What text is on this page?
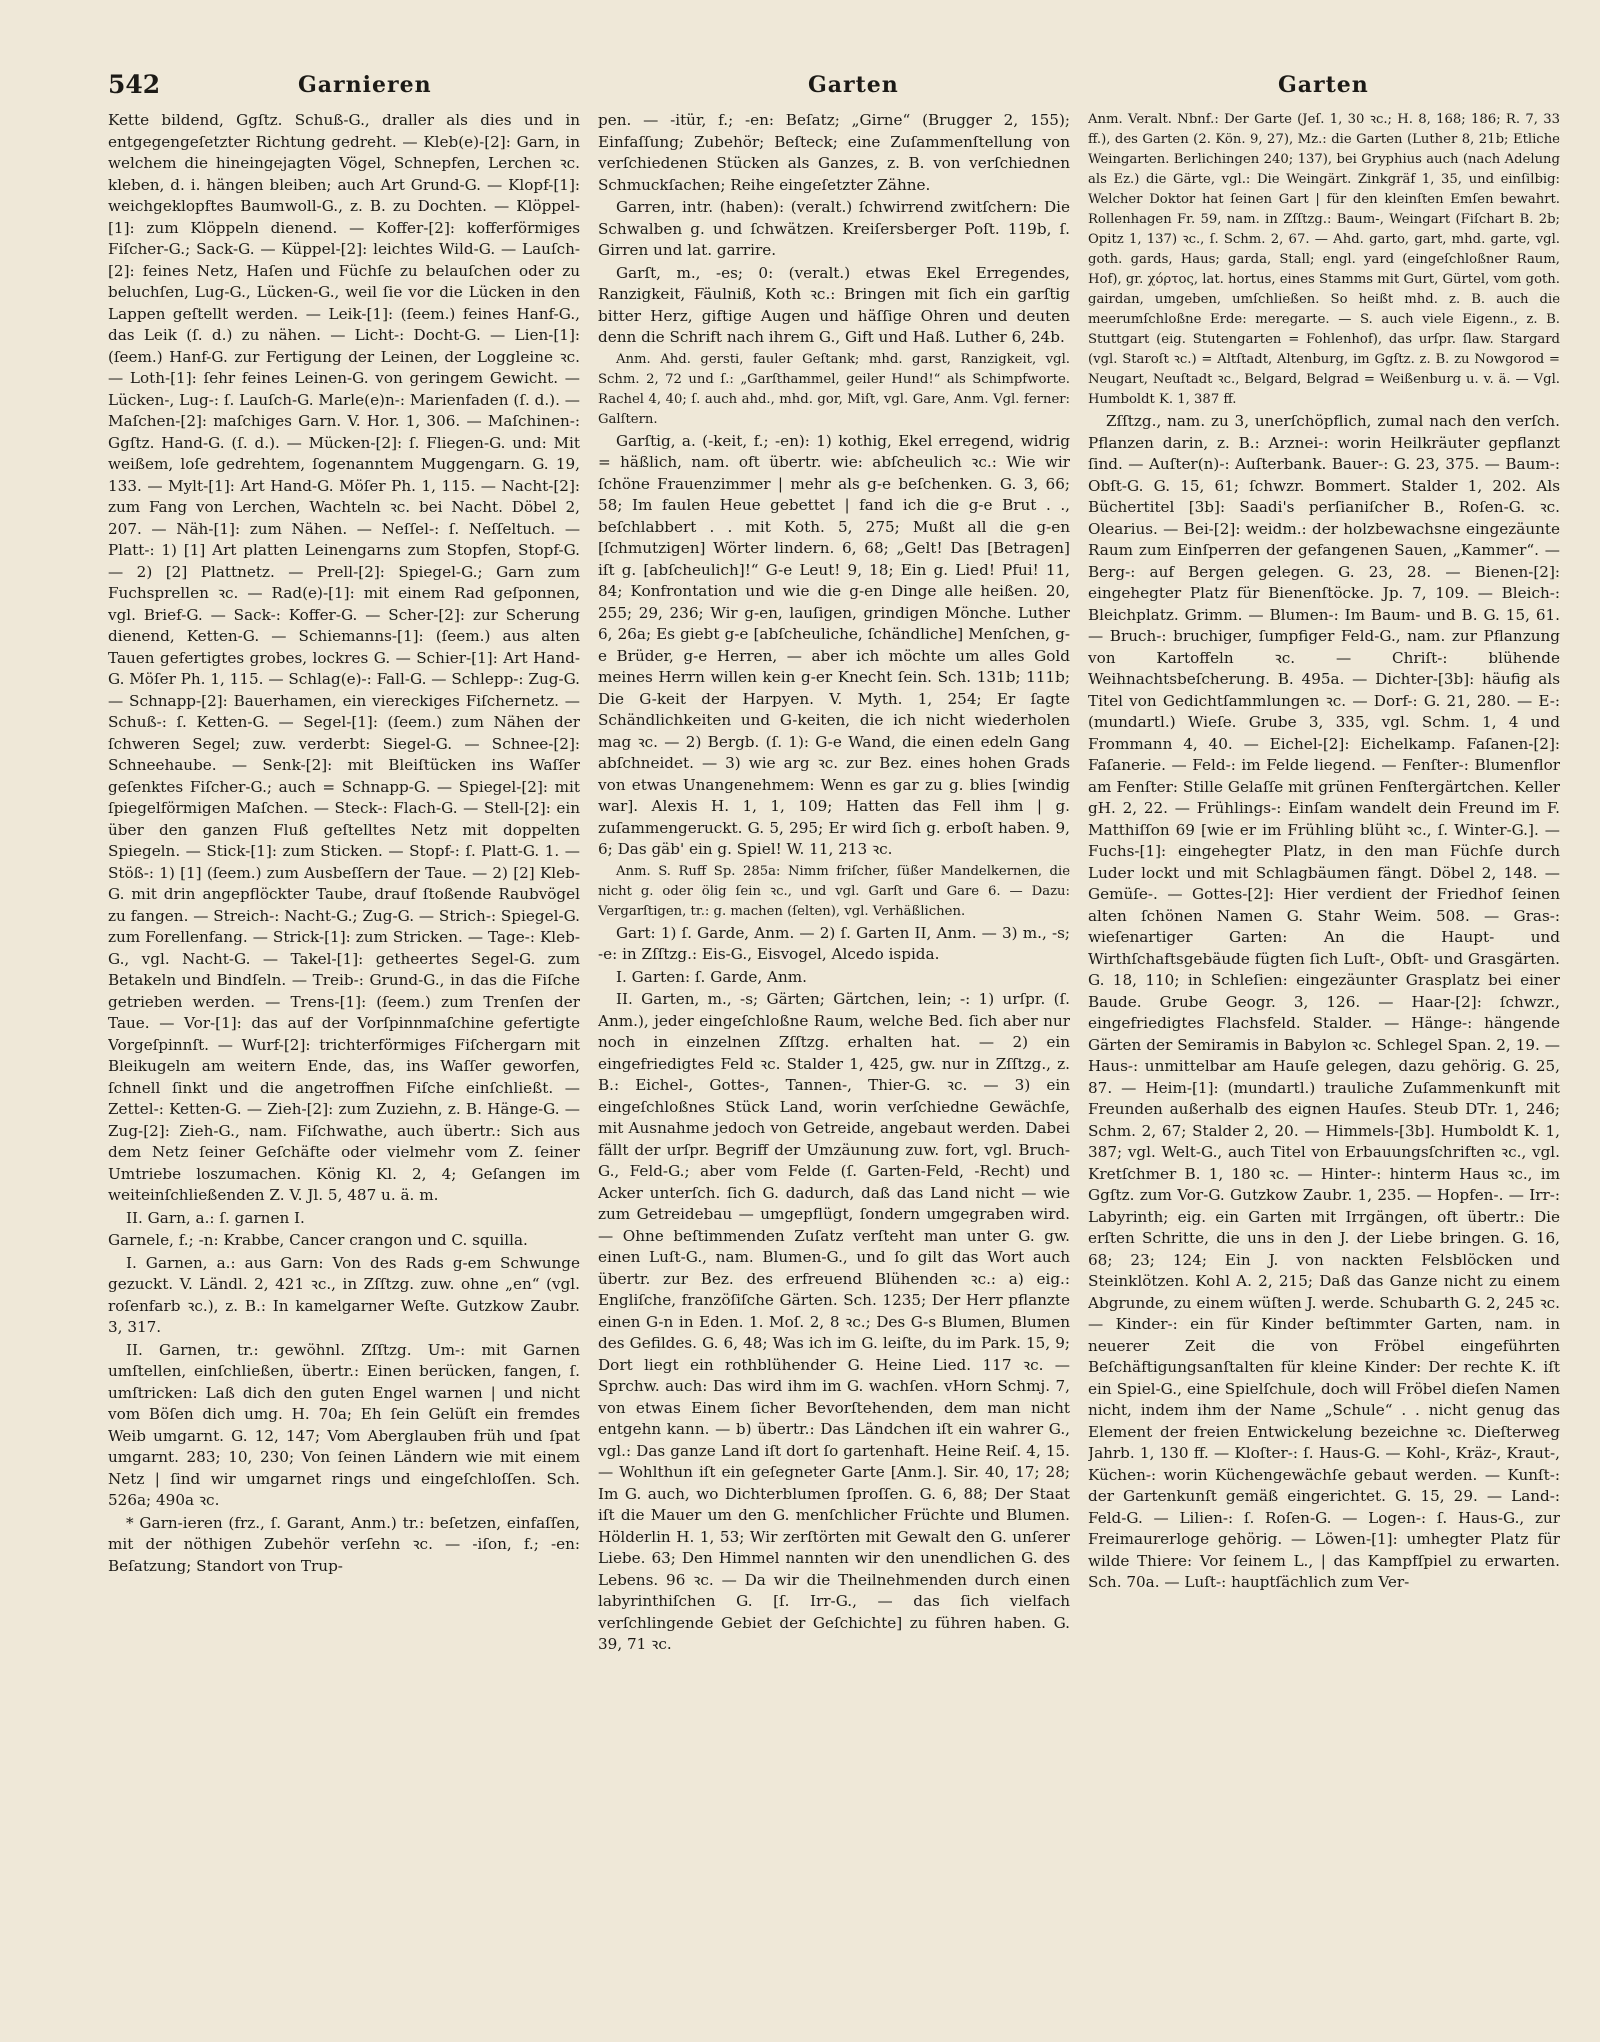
542	Garnieren	Garten	Garten

Kette bildend, Ggſtz. Schuß-G., draller als dies und in entgegengeſetzter Richtung gedreht. — Kleb(e)-[2]: Garn, in welchem die hineingejagten Vögel, Schnepfen, Lerchen ꝛc. kleben, d. i. hängen bleiben; auch Art Grund-G. — Klopf-[1]: weichgeklopftes Baumwoll-G., z. B. zu Dochten. — Klöppel-[1]: zum Klöppeln dienend. — Koffer-[2]: kofferförmiges Fiſcher-G.; Sack-G. — Küppel-[2]: leichtes Wild-G. — Lauſch-[2]: feines Netz, Haſen und Füchſe zu belauſchen oder zu beluchſen, Lug-G., Lücken-G., weil ſie vor die Lücken in den Lappen geſtellt werden. — Leik-[1]: (ſeem.) feines Hanf-G., das Leik (ſ. d.) zu nähen. — Licht-: Docht-G. — Lien-[1]: (ſeem.) Hanf-G. zur Fertigung der Leinen, der Loggleine ꝛc. — Loth-[1]: ſehr feines Leinen-G. von geringem Gewicht. — Lücken-, Lug-: ſ. Lauſch-G. Marle(e)n-: Marienfaden (ſ. d.). — Maſchen-[2]: maſchiges Garn. V. Hor. 1, 306. — Maſchinen-: Ggſtz. Hand-G. (ſ. d.). — Mücken-[2]: ſ. Fliegen-G. und: Mit weißem, loſe gedrehtem, ſogenanntem Muggengarn. G. 19, 133. — Mylt-[1]: Art Hand-G. Möſer Ph. 1, 115. — Nacht-[2]: zum Fang von Lerchen, Wachteln ꝛc. bei Nacht. Döbel 2, 207. — Näh-[1]: zum Nähen. — Neſſel-: ſ. Neſſeltuch. — Platt-: 1) [1] Art platten Leinengarns zum Stopfen, Stopf-G. — 2) [2] Plattnetz. — Prell-[2]: Spiegel-G.; Garn zum Fuchsprellen ꝛc. — Rad(e)-[1]: mit einem Rad geſponnen, vgl. Brief-G. — Sack-: Koffer-G. — Scher-[2]: zur Scherung dienend, Ketten-G. — Schiemanns-[1]: (ſeem.) aus alten Tauen gefertigtes grobes, lockres G. — Schier-[1]: Art Hand-G. Möſer Ph. 1, 115. — Schlag(e)-: Fall-G. — Schlepp-: Zug-G. — Schnapp-[2]: Bauerhamen, ein viereckiges Fiſchernetz. — Schuß-: ſ. Ketten-G. — Segel-[1]: (ſeem.) zum Nähen der ſchweren Segel; zuw. verderbt: Siegel-G. — Schnee-[2]: Schneehaube. — Senk-[2]: mit Bleiſtücken ins Waſſer geſenktes Fiſcher-G.; auch = Schnapp-G. — Spiegel-[2]: mit ſpiegelförmigen Maſchen. — Steck-: Flach-G. — Stell-[2]: ein über den ganzen Fluß geſtelltes Netz mit doppelten Spiegeln. — Stick-[1]: zum Sticken. — Stopf-: ſ. Platt-G. 1. — Stöß-: 1) [1] (ſeem.) zum Ausbeſſern der Taue. — 2) [2] Kleb-G. mit drin angepflöckter Taube, drauf ſtoßende Raubvögel zu fangen. — Streich-: Nacht-G.; Zug-G. — Strich-: Spiegel-G. zum Forellenfang. — Strick-[1]: zum Stricken. — Tage-: Kleb-G., vgl. Nacht-G. — Takel-[1]: getheertes Segel-G. zum Betakeln und Bindſeln. — Treib-: Grund-G., in das die Fiſche getrieben werden. — Trens-[1]: (ſeem.) zum Trenſen der Taue. — Vor-[1]: das auf der Vorſpinnmaſchine gefertigte Vorgeſpinnſt. — Wurf-[2]: trichterförmiges Fiſchergarn mit Bleikugeln am weitern Ende, das, ins Waſſer geworfen, ſchnell ſinkt und die angetroffnen Fiſche einſchließt. — Zettel-: Ketten-G. — Zieh-[2]: zum Zuziehn, z. B. Hänge-G. — Zug-[2]: Zieh-G., nam. Fiſchwathe, auch übertr.: Sich aus dem Netz ſeiner Geſchäfte oder vielmehr vom Z. ſeiner Umtriebe loszumachen. König Kl. 2, 4; Geſangen im weiteinſchließenden Z. V. Jl. 5, 487 u. ä. m.

II. Garn, a.: ſ. garnen I.

Garnele, f.; -n: Krabbe, Cancer crangon und C. squilla.

I. Garnen, a.: aus Garn: Von des Rads g-em Schwunge gezuckt. V. Ländl. 2, 421 ꝛc., in Zſſtzg. zuw. ohne „en“ (vgl. roſenfarb ꝛc.), z. B.: In kamelgarner Weſte. Gutzkow Zaubr. 3, 317.

II. Garnen, tr.: gewöhnl. Zſſtzg. Um-: mit Garnen umſtellen, einſchließen, übertr.: Einen berücken, fangen, ſ. umſtricken: Laß dich den guten Engel warnen | und nicht vom Böſen dich umg. H. 70a; Eh ſein Gelüſt ein fremdes Weib umgarnt. G. 12, 147; Vom Aberglauben früh und ſpat umgarnt. 283; 10, 230; Von ſeinen Ländern wie mit einem Netz | ſind wir umgarnet rings und eingeſchloſſen. Sch. 526a; 490a ꝛc.

* Garn-ieren (frz., ſ. Garant, Anm.) tr.: beſetzen, einfaſſen, mit der nöthigen Zubehör verſehn ꝛc. — -iſon, f.; -en: Beſatzung; Standort von Trup-

pen. — -itür, f.; -en: Beſatz; „Girne“ (Brugger 2, 155); Einfaſſung; Zubehör; Beſteck; eine Zuſammenſtellung von verſchiedenen Stücken als Ganzes, z. B. von verſchiednen Schmuckſachen; Reihe eingeſetzter Zähne.

Garren, intr. (haben): (veralt.) ſchwirrend zwitſchern: Die Schwalben g. und ſchwätzen. Kreiſersberger Poſt. 119b, ſ. Girren und lat. garrire.

Garſt, m., -es; 0: (veralt.) etwas Ekel Erregendes, Ranzigkeit, Fäulniß, Koth ꝛc.: Bringen mit ſich ein garſtig bitter Herz, giftige Augen und häſſige Ohren und deuten denn die Schrift nach ihrem G., Gift und Haß. Luther 6, 24b.

Anm. Ahd. gersti, fauler Geſtank; mhd. garst, Ranzigkeit, vgl. Schm. 2, 72 und ſ.: „Garſthammel, geiler Hund!“ als Schimpfworte. Rachel 4, 40; ſ. auch ahd., mhd. gor, Miſt, vgl. Gare, Anm. Vgl. ferner: Galſtern.

Garſtig, a. (-keit, f.; -en): 1) kothig, Ekel erregend, widrig = häßlich, nam. oft übertr. wie: abſcheulich ꝛc.: Wie wir ſchöne Frauenzimmer | mehr als g-e beſchenken. G. 3, 66; 58; Im faulen Heue gebettet | fand ich die g-e Brut . ., beſchlabbert . . mit Koth. 5, 275; Mußt all die g-en [ſchmutzigen] Wörter lindern. 6, 68; „Gelt! Das [Betragen] iſt g. [abſcheulich]!“ G-e Leut! 9, 18; Ein g. Lied! Pfui! 11, 84; Konfrontation und wie die g-en Dinge alle heißen. 20, 255; 29, 236; Wir g-en, lauſigen, grindigen Mönche. Luther 6, 26a; Es giebt g-e [abſcheuliche, ſchändliche] Menſchen, g-e Brüder, g-e Herren, — aber ich möchte um alles Gold meines Herrn willen kein g-er Knecht ſein. Sch. 131b; 111b; Die G-keit der Harpyen. V. Myth. 1, 254; Er ſagte Schändlichkeiten und G-keiten, die ich nicht wiederholen mag ꝛc. — 2) Bergb. (ſ. 1): G-e Wand, die einen edeln Gang abſchneidet. — 3) wie arg ꝛc. zur Bez. eines hohen Grads von etwas Unangenehmem: Wenn es gar zu g. blies [windig war]. Alexis H. 1, 1, 109; Hatten das Fell ihm | g. zuſammengeruckt. G. 5, 295; Er wird ſich g. erboſt haben. 9, 6; Das gäb' ein g. Spiel! W. 11, 213 ꝛc.

Anm. S. Ruff Sp. 285a: Nimm friſcher, ſüßer Mandelkernen, die nicht g. oder ölig ſein ꝛc., und vgl. Garſt und Gare 6. — Dazu: Vergarſtigen, tr.: g. machen (ſelten), vgl. Verhäßlichen.

Gart: 1) ſ. Garde, Anm. — 2) ſ. Garten II, Anm. — 3) m., -s; -e: in Zſſtzg.: Eis-G., Eisvogel, Alcedo ispida.

I. Garten: ſ. Garde, Anm.

II. Garten, m., -s; Gärten; Gärtchen, lein; -: 1) urſpr. (ſ. Anm.), jeder eingeſchloßne Raum, welche Bed. ſich aber nur noch in einzelnen Zſſtzg. erhalten hat. — 2) ein eingefriedigtes Feld ꝛc. Stalder 1, 425, gw. nur in Zſſtzg., z. B.: Eichel-, Gottes-, Tannen-, Thier-G. ꝛc. — 3) ein eingeſchloßnes Stück Land, worin verſchiedne Gewächſe, mit Ausnahme jedoch von Getreide, angebaut werden. Dabei fällt der urſpr. Begriff der Umzäunung zuw. fort, vgl. Bruch-G., Feld-G.; aber vom Felde (ſ. Garten-Feld, -Recht) und Acker unterſch. ſich G. dadurch, daß das Land nicht — wie zum Getreidebau — umgepflügt, ſondern umgegraben wird. — Ohne beſtimmenden Zuſatz verſteht man unter G. gw. einen Luſt-G., nam. Blumen-G., und ſo gilt das Wort auch übertr. zur Bez. des erfreuend Blühenden ꝛc.: a) eig.: Engliſche, franzöſiſche Gärten. Sch. 1235; Der Herr pflanzte einen G-n in Eden. 1. Moſ. 2, 8 ꝛc.; Des G-s Blumen, Blumen des Gefildes. G. 6, 48; Was ich im G. leiſte, du im Park. 15, 9; Dort liegt ein rothblühender G. Heine Lied. 117 ꝛc. — Sprchw. auch: Das wird ihm im G. wachſen. vHorn Schmj. 7, von etwas Einem ſicher Bevorſtehenden, dem man nicht entgehn kann. — b) übertr.: Das Ländchen iſt ein wahrer G., vgl.: Das ganze Land iſt dort ſo gartenhaft. Heine Reiſ. 4, 15. — Wohlthun iſt ein geſegneter Garte [Anm.]. Sir. 40, 17; 28; Im G. auch, wo Dichterblumen ſproſſen. G. 6, 88; Der Staat iſt die Mauer um den G. menſchlicher Früchte und Blumen. Hölderlin H. 1, 53; Wir zerſtörten mit Gewalt den G. unſerer Liebe. 63; Den Himmel nannten wir den unendlichen G. des Lebens. 96 ꝛc. — Da wir die Theilnehmenden durch einen labyrinthiſchen G. [ſ. Irr-G., — das ſich vielfach verſchlingende Gebiet der Geſchichte] zu führen haben. G. 39, 71 ꝛc.

Anm. Veralt. Nbnf.: Der Garte (Jeſ. 1, 30 ꝛc.; H. 8, 168; 186; R. 7, 33 ff.), des Garten (2. Kön. 9, 27), Mz.: die Garten (Luther 8, 21b; Etliche Weingarten. Berlichingen 240; 137), bei Gryphius auch (nach Adelung als Ez.) die Gärte, vgl.: Die Weingärt. Zinkgräf 1, 35, und einſilbig: Welcher Doktor hat ſeinen Gart | für den kleinſten Emſen bewahrt. Rollenhagen Fr. 59, nam. in Zſſtzg.: Baum-, Weingart (Fiſchart B. 2b; Opitz 1, 137) ꝛc., ſ. Schm. 2, 67. — Ahd. garto, gart, mhd. garte, vgl. goth. gards, Haus; garda, Stall; engl. yard (eingeſchloßner Raum, Hof), gr. χόρτος, lat. hortus, eines Stamms mit Gurt, Gürtel, vom goth. gairdan, umgeben, umſchließen. So heißt mhd. z. B. auch die meerumſchloßne Erde: meregarte. — S. auch viele Eigenn., z. B. Stuttgart (eig. Stutengarten = Fohlenhof), das urſpr. ſlaw. Stargard (vgl. Staroſt ꝛc.) = Altſtadt, Altenburg, im Ggſtz. z. B. zu Nowgorod = Neugart, Neuſtadt ꝛc., Belgard, Belgrad = Weißenburg u. v. ä. — Vgl. Humboldt K. 1, 387 ff.

Zſſtzg., nam. zu 3, unerſchöpflich, zumal nach den verſch. Pflanzen darin, z. B.: Arznei-: worin Heilkräuter gepflanzt ſind. — Auſter(n)-: Auſterbank. Bauer-: G. 23, 375. — Baum-: Obſt-G. G. 15, 61; ſchwzr. Bommert. Stalder 1, 202. Als Büchertitel [3b]: Saadi's perſianiſcher B., Roſen-G. ꝛc. Olearius. — Bei-[2]: weidm.: der holzbewachsne eingezäunte Raum zum Einſperren der gefangenen Sauen, „Kammer“. — Berg-: auf Bergen gelegen. G. 23, 28. — Bienen-[2]: eingehegter Platz für Bienenſtöcke. Jp. 7, 109. — Bleich-: Bleichplatz. Grimm. — Blumen-: Im Baum- und B. G. 15, 61. — Bruch-: bruchiger, ſumpfiger Feld-G., nam. zur Pflanzung von Kartoffeln ꝛc. — Chriſt-: blühende Weihnachtsbeſcherung. B. 495a. — Dichter-[3b]: häufig als Titel von Gedichtſammlungen ꝛc. — Dorf-: G. 21, 280. — E-: (mundartl.) Wieſe. Grube 3, 335, vgl. Schm. 1, 4 und Frommann 4, 40. — Eichel-[2]: Eichelkamp. Faſanen-[2]: Faſanerie. — Feld-: im Felde liegend. — Fenſter-: Blumenflor am Fenſter: Stille Gelaſſe mit grünen Fenſtergärtchen. Keller gH. 2, 22. — Frühlings-: Einſam wandelt dein Freund im F. Matthiſſon 69 [wie er im Frühling blüht ꝛc., ſ. Winter-G.]. — Fuchs-[1]: eingehegter Platz, in den man Füchſe durch Luder lockt und mit Schlagbäumen fängt. Döbel 2, 148. — Gemüſe-. — Gottes-[2]: Hier verdient der Friedhof ſeinen alten ſchönen Namen G. Stahr Weim. 508. — Gras-: wieſenartiger Garten: An die Haupt- und Wirthſchaftsgebäude fügten ſich Luſt-, Obſt- und Grasgärten. G. 18, 110; in Schleſien: eingezäunter Grasplatz bei einer Baude. Grube Geogr. 3, 126. — Haar-[2]: ſchwzr., eingefriedigtes Flachsfeld. Stalder. — Hänge-: hängende Gärten der Semiramis in Babylon ꝛc. Schlegel Span. 2, 19. — Haus-: unmittelbar am Hauſe gelegen, dazu gehörig. G. 25, 87. — Heim-[1]: (mundartl.) trauliche Zuſammenkunft mit Freunden außerhalb des eignen Hauſes. Steub DTr. 1, 246; Schm. 2, 67; Stalder 2, 20. — Himmels-[3b]. Humboldt K. 1, 387; vgl. Welt-G., auch Titel von Erbauungsſchriften ꝛc., vgl. Kretſchmer B. 1, 180 ꝛc. — Hinter-: hinterm Haus ꝛc., im Ggſtz. zum Vor-G. Gutzkow Zaubr. 1, 235. — Hopfen-. — Irr-: Labyrinth; eig. ein Garten mit Irrgängen, oft übertr.: Die erſten Schritte, die uns in den J. der Liebe bringen. G. 16, 68; 23; 124; Ein J. von nackten Felsblöcken und Steinklötzen. Kohl A. 2, 215; Daß das Ganze nicht zu einem Abgrunde, zu einem wüſten J. werde. Schubarth G. 2, 245 ꝛc. — Kinder-: ein für Kinder beſtimmter Garten, nam. in neuerer Zeit die von Fröbel eingeführten Beſchäftigungsanſtalten für kleine Kinder: Der rechte K. iſt ein Spiel-G., eine Spielſchule, doch will Fröbel dieſen Namen nicht, indem ihm der Name „Schule“ . . nicht genug das Element der freien Entwickelung bezeichne ꝛc. Dieſterweg Jahrb. 1, 130 ff. — Kloſter-: ſ. Haus-G. — Kohl-, Kräz-, Kraut-, Küchen-: worin Küchengewächſe gebaut werden. — Kunſt-: der Gartenkunſt gemäß eingerichtet. G. 15, 29. — Land-: Feld-G. — Lilien-: ſ. Roſen-G. — Logen-: ſ. Haus-G., zur Freimaurerloge gehörig. — Löwen-[1]: umhegter Platz für wilde Thiere: Vor ſeinem L., | das Kampfſpiel zu erwarten. Sch. 70a. — Luſt-: hauptſächlich zum Ver-
